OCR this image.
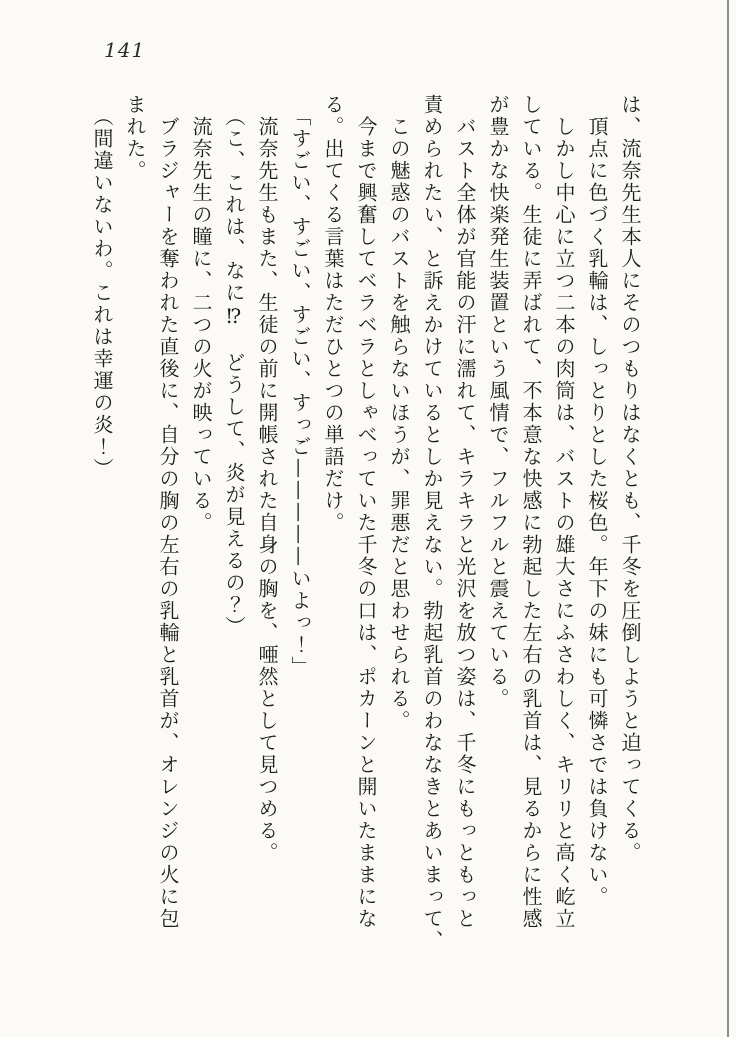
141
は、流奈先生本人にそのつもりはなくとも、千冬を圧倒しようと迫ってくる。
　頂点に色づく乳輪は、しっとりとした桜色。年下の妹にも可憐さでは負けない。
　しかし中心に立つ二本の肉筒は、バストの雄大さにふさわしく、キリリと高く屹立
している。生徒に弄ばれて、不本意な快感に勃起した左右の乳首は、見るからに性感
が豊かな快楽発生装置という風情で、フルフルと震えている。
　バスト全体が官能の汗に濡れて、キラキラと光沢を放つ姿は、千冬にもっともっと
責められたい、と訴えかけているとしか見えない。勃起乳首のわななきとあいまって、
　この魅惑のバストを触らないほうが、罪悪だと思わせられる。
　今まで興奮してベラベラとしゃべっていた千冬の口は、ポカーンと開いたままにな
る。出てくる言葉はただひとつの単語だけ。
　「すごい、すごい、すごい、すっご—————いよっ！」
　流奈先生もまた、生徒の前に開帳された自身の胸を、唖然として見つめる。
　（こ、これは、なに⁉　どうして、炎が見えるの？）
　流奈先生の瞳に、二つの火が映っている。
　ブラジャーを奪われた直後に、自分の胸の左右の乳輪と乳首が、オレンジの火に包
まれた。
　（間違いないわ。これは幸運の炎！）
